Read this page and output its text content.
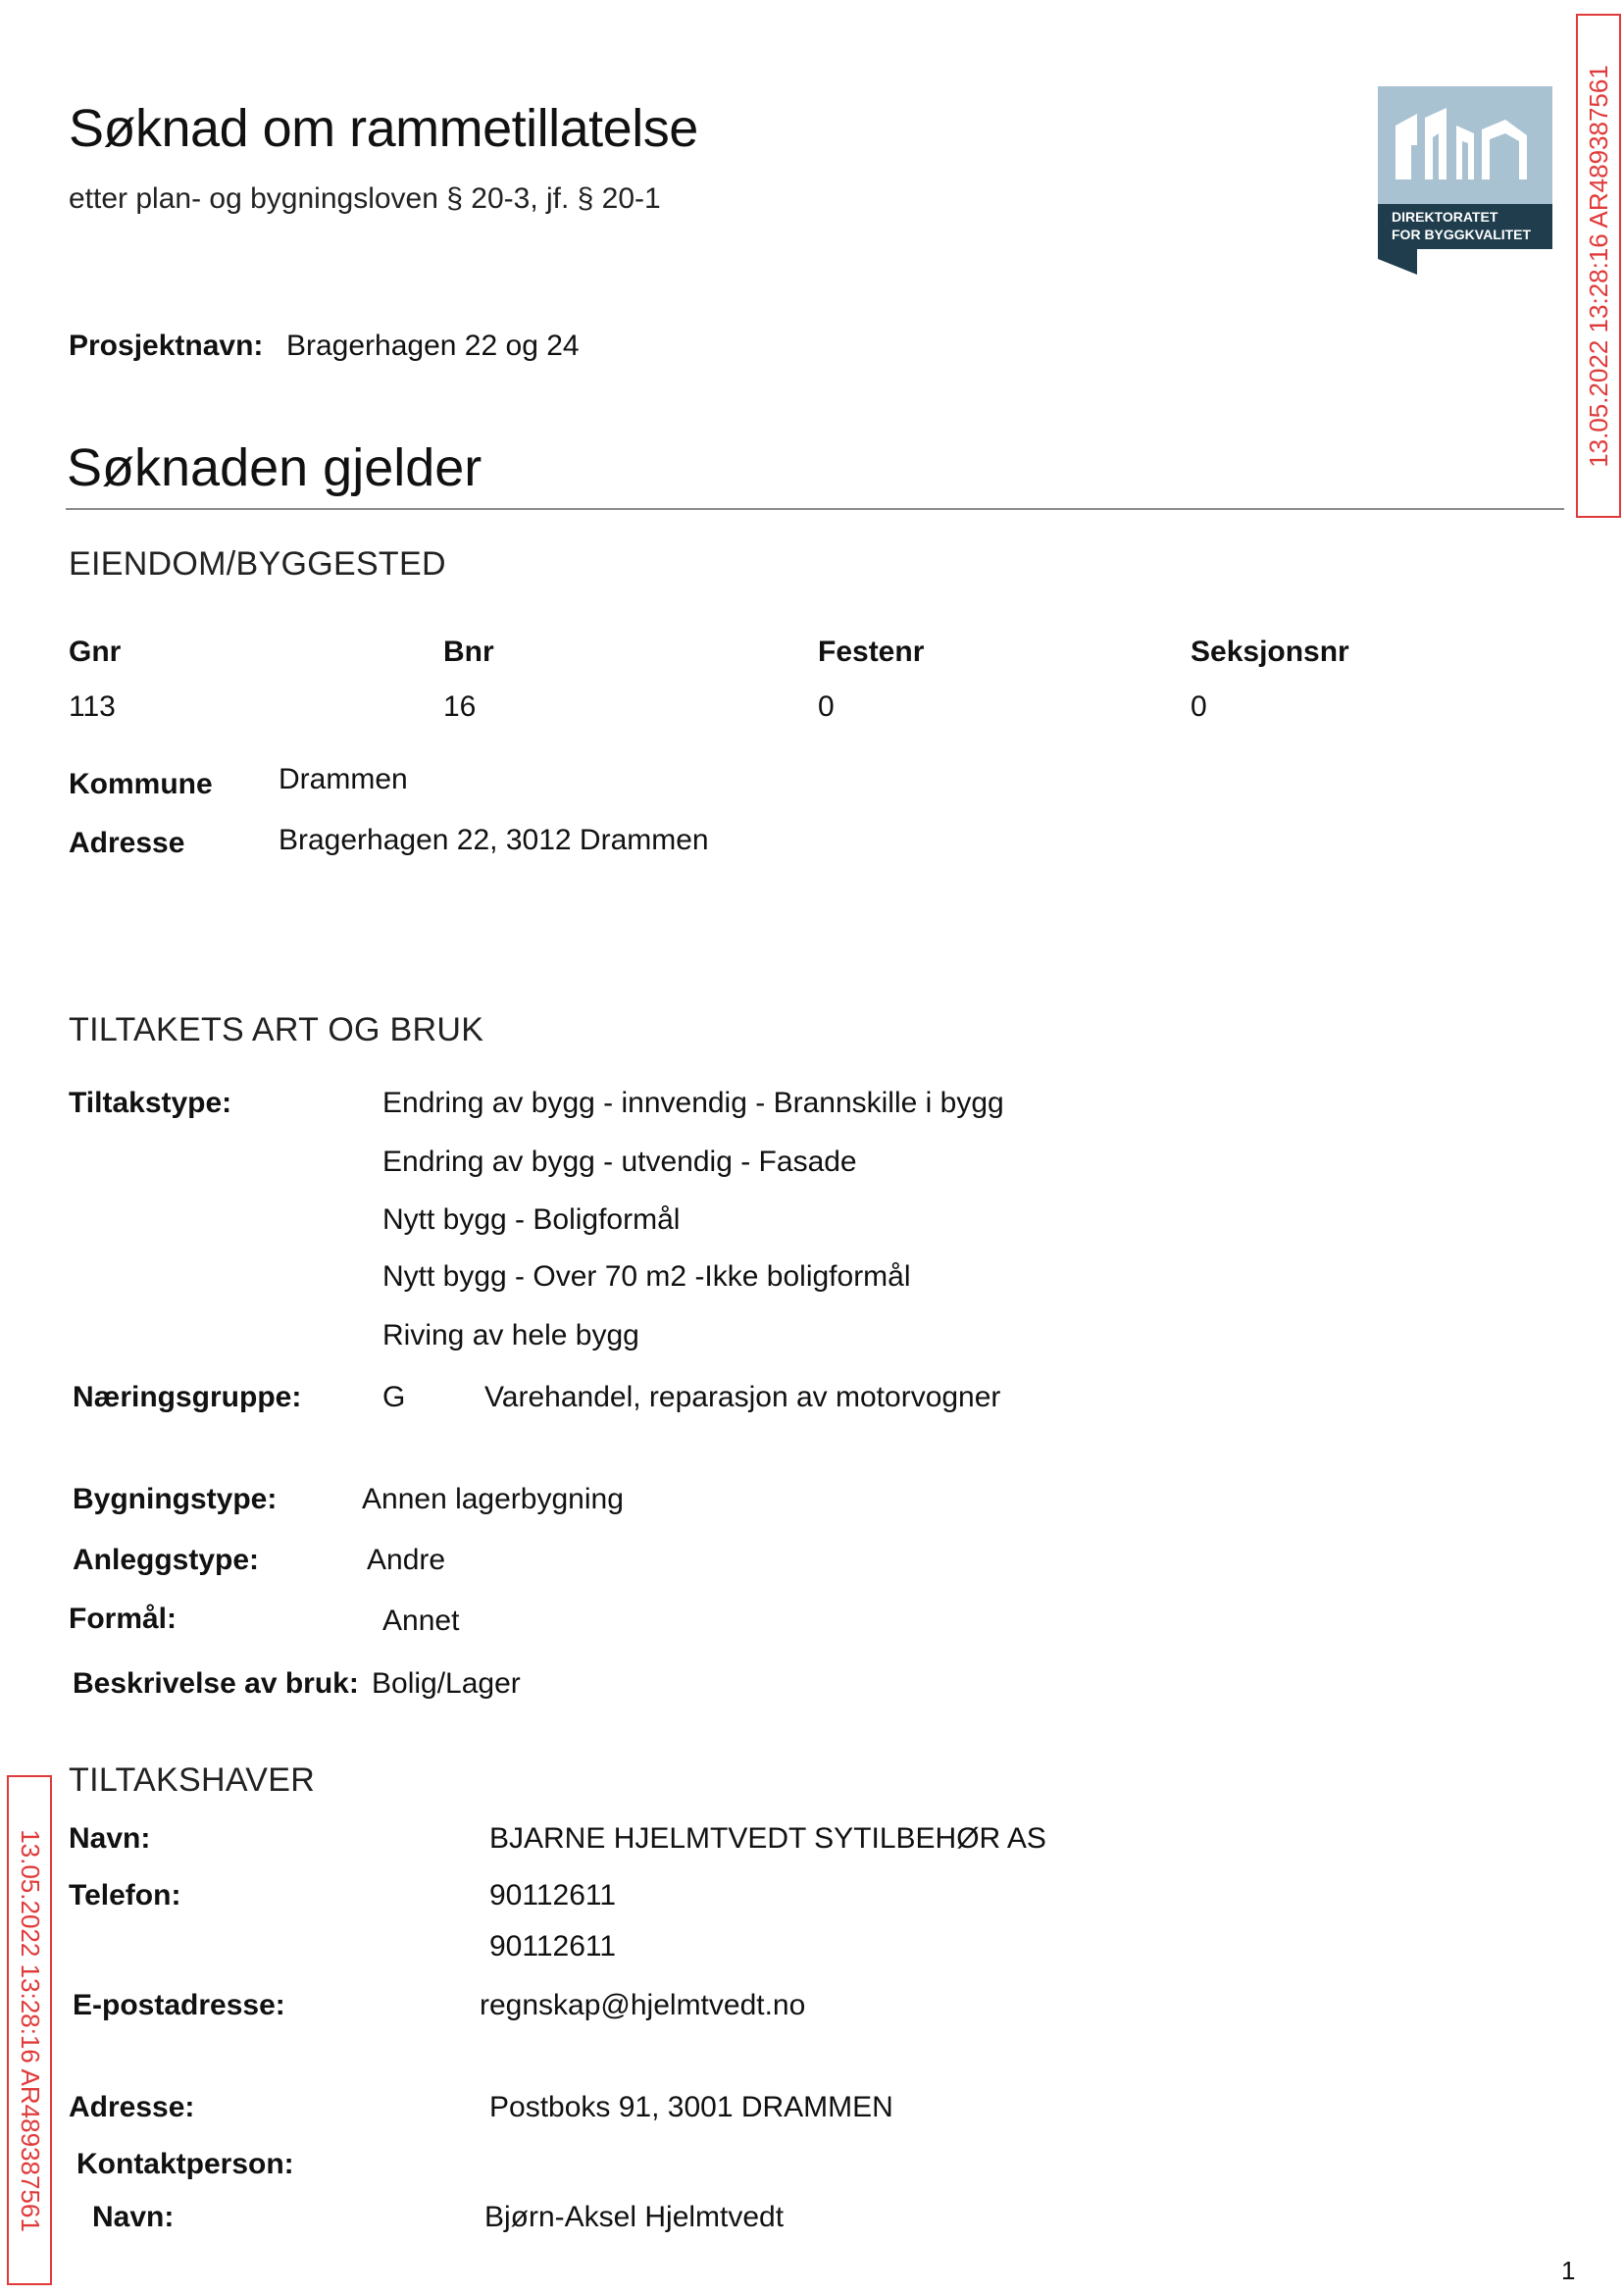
Søknad om rammetillatelse
etter plan- og bygningsloven § 20-3, jf. § 20-1
DIREKTORATET
FOR BYGGKVALITET 13.05.2022 13:28:16 AR489387561
13.05.2022 13:28:16 AR489387561
Prosjektnavn: Bragerhagen 22 og 24
Søknaden gjelder
EIENDOM/BYGGESTED
Gnr	Bnr	Festenr	Seksjonsnr
113	16	0	0
Kommune Drammen
Adresse	Bragerhagen 22, 3012 Drammen
TILTAKETS ART OG BRUK
Tiltakstype:	Endring av bygg - innvendig - Brannskille i bygg
Endring av bygg - utvendig - Fasade
Nytt bygg - Boligformål
Nytt bygg - Over 70 m2 -Ikke boligformål
Riving av hele bygg
Næringsgruppe:	G	Varehandel, reparasjon av motorvogner
Bygningstype:	Annen lagerbygning
Anleggstype:	Andre
Formål:	Annet
Beskrivelse av bruk: Bolig/Lager
TILTAKSHAVER
Navn:	BJARNE HJELMTVEDT SYTILBEHØR AS
Telefon:	90112611
90112611
E-postadresse:	regnskap@hjelmtvedt.no
Adresse:	Postboks 91, 3001 DRAMMEN
Kontaktperson:
Navn:	Bjørn-Aksel Hjelmtvedt
1
